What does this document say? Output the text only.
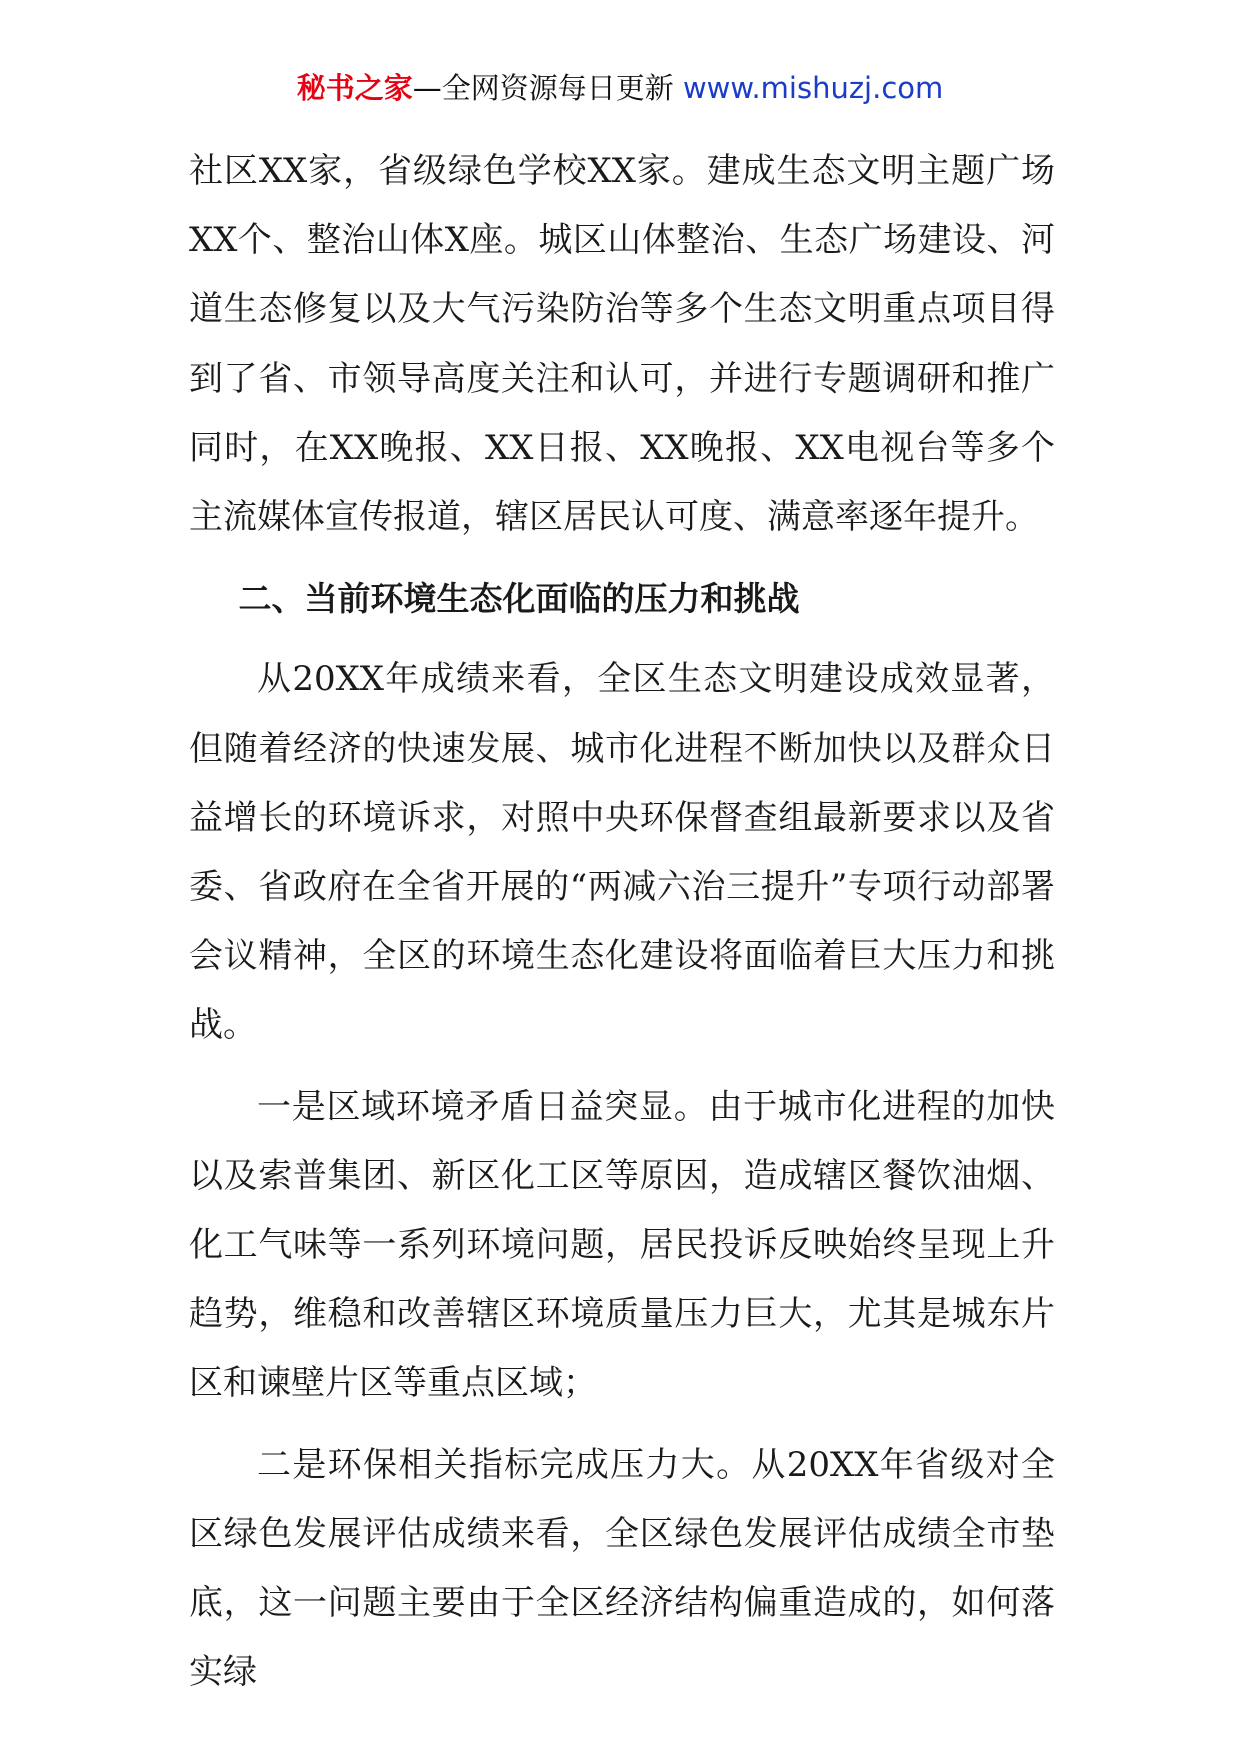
秘书之家—全网资源每日更新 www.mishuzj.com

社区XX家，省级绿色学校XX家。建成生态文明主题广场XX个、整治山体X座。城区山体整治、生态广场建设、河道生态修复以及大气污染防治等多个生态文明重点项目得到了省、市领导高度关注和认可，并进行专题调研和推广同时，在XX晚报、XX日报、XX晚报、XX电视台等多个主流媒体宣传报道，辖区居民认可度、满意率逐年提升。

二、当前环境生态化面临的压力和挑战

从20XX年成绩来看，全区生态文明建设成效显著，但随着经济的快速发展、城市化进程不断加快以及群众日益增长的环境诉求，对照中央环保督查组最新要求以及省委、省政府在全省开展的“两减六治三提升”专项行动部署会议精神，全区的环境生态化建设将面临着巨大压力和挑战。

一是区域环境矛盾日益突显。由于城市化进程的加快以及索普集团、新区化工区等原因，造成辖区餐饮油烟、化工气味等一系列环境问题，居民投诉反映始终呈现上升趋势，维稳和改善辖区环境质量压力巨大，尤其是城东片区和谏壁片区等重点区域；

二是环保相关指标完成压力大。从20XX年省级对全区绿色发展评估成绩来看，全区绿色发展评估成绩全市垫底，这一问题主要由于全区经济结构偏重造成的，如何落实绿
